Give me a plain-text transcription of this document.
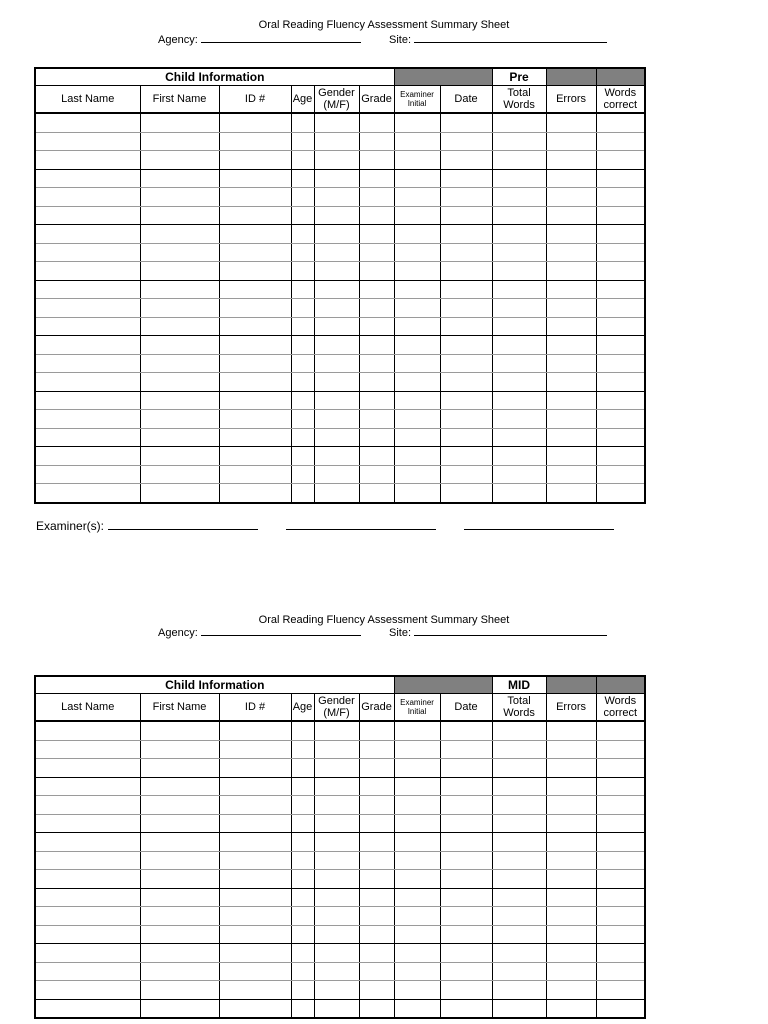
Oral Reading Fluency Assessment Summary Sheet
Agency:	Site:
Child Information								Pre		
Last Name	First Name	ID #	Age	Gender (M/F)	Grade	Examiner Initial	Date	Total Words	Errors	Words correct

Examiner(s):
Oral Reading Fluency Assessment Summary Sheet
Agency:	Site:
Child Information								MID		
Last Name	First Name	ID #	Age	Gender (M/F)	Grade	Examiner Initial	Date	Total Words	Errors	Words correct
